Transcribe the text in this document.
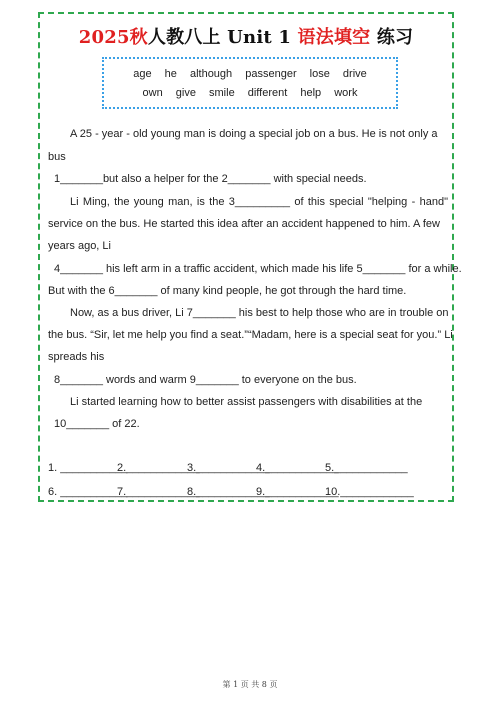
2025秋人教八上 Unit 1 语法填空 练习
age he although passenger lose drive
own give smile different help work
A 25 - year - old young man is doing a special job on a bus. He is not only a
bus
1_______but also a helper for the 2_______ with special needs.
Li Ming, the young man, is the 3_________ of this special "helping - hand"
service on the bus. He started this idea after an accident happened to him. A few
years ago, Li
4_______ his left arm in a traffic accident, which made his life 5_______ for a while.
But with the 6_______ of many kind people, he got through the hard time.
Now, as a bus driver, Li 7_______ his best to help those who are in trouble on
the bus. “Sir, let me help you find a seat.”“Madam, here is a special seat for you.” Li
spreads his
8_______ words and warm 9_______ to everyone on the bus.
Li started learning how to better assist passengers with disabilities at the
10_______ of 22.
1. ___________
2.____________
3.____________
4.____________
5.____________
6. ___________
7.____________
8.____________
9.____________
10.____________
第 1 页 共 8 页
